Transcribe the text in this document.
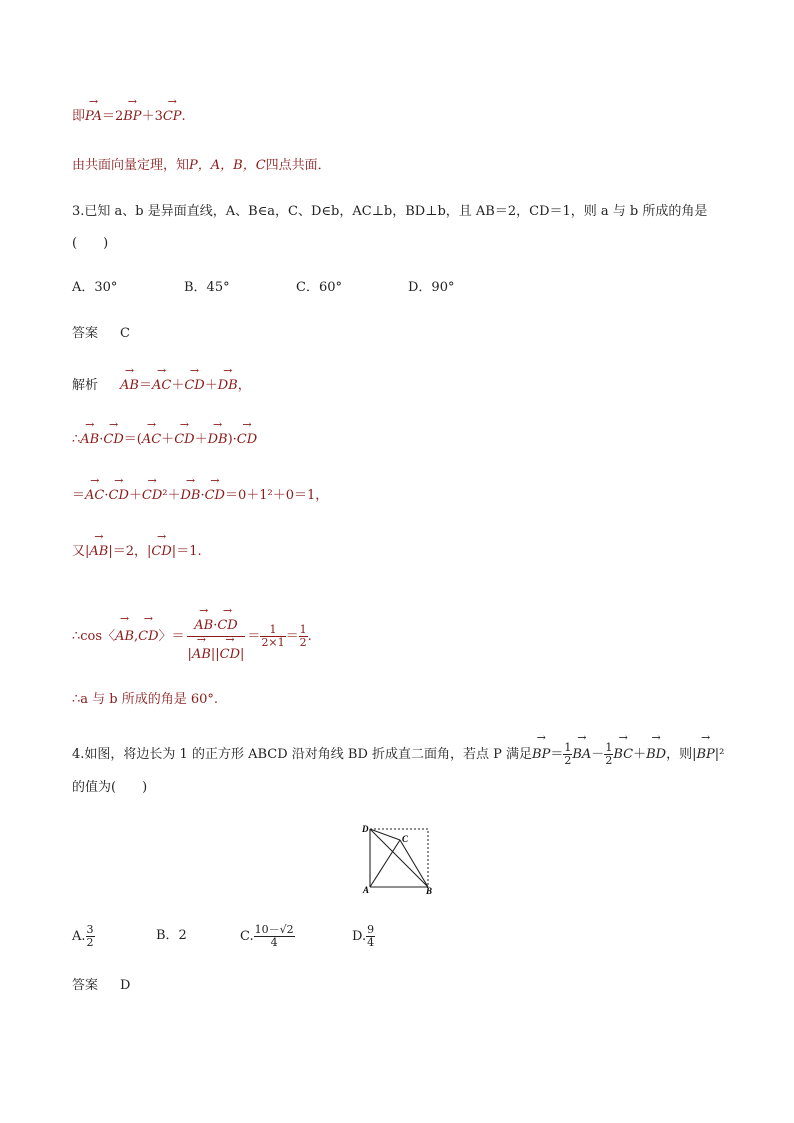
即→ PA＝2→ BP＋3→ CP.
由共面向量定理，知P，A，B，C四点共面．
3.已知 a、b 是异面直线，A、B∈a，C、D∈b，AC⊥b，BD⊥b，且 AB＝2，CD＝1，则 a 与 b 所成的角是
(　　)
A．30°	B．45°	C．60°	D．90°
答案 C
解析→ AB＝→ AC＋→ CD＋→ DB，
∴→ AB·→ CD＝(→ AC＋→ CD＋→ DB)·→ CD
＝→ AC·→ CD＋→ CD²＋→ DB·→ CD＝0＋1²＋0＝1，
又|→ AB|＝2，|→ CD|＝1.
∴cos〈→ AB,→ CD〉＝
→ $\frac{AB\cdot\to CD}{|\to AB||\to CD|} = \frac{1}{2\times 1} = \frac{1}{2}$ .
∴a 与 b 所成的角是 60°.
4.如图，将边长为 1 的正方形 ABCD 沿对角线 BD 折成直二面角，若点 P 满足→ $BP= \frac{1}{2}$
→ $BA- \frac{1}{2}$
→ BC＋→ BD，则|→ BP|²
的值为(　　)
D
C
A	B
A. $\frac{3}{2}$	B．2	C. $\frac{10-√2}{4}$	D. $\frac{9}{4}$
答案 D
